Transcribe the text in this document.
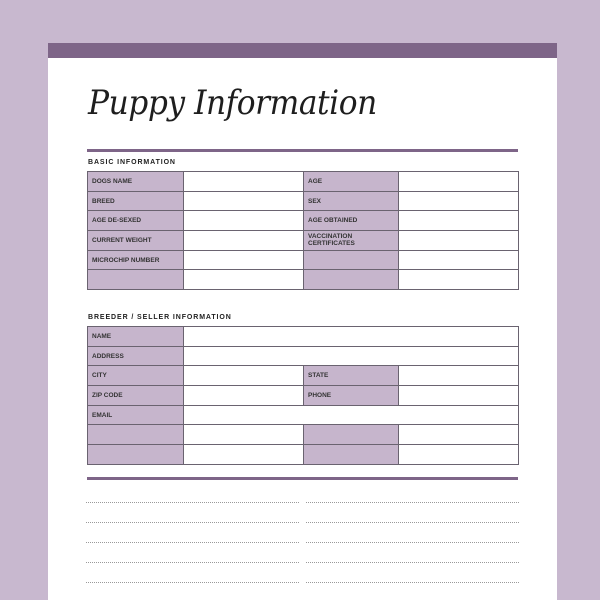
Puppy Information
BASIC INFORMATION
DOGS NAME		AGE	
BREED		SEX	
AGE DE-SEXED		AGE OBTAINED	
CURRENT WEIGHT		VACCINATION CERTIFICATES	
MICROCHIP NUMBER			

BREEDER / SELLER INFORMATION
NAME			
ADDRESS			
CITY		STATE	
ZIP CODE		PHONE	
EMAIL			
